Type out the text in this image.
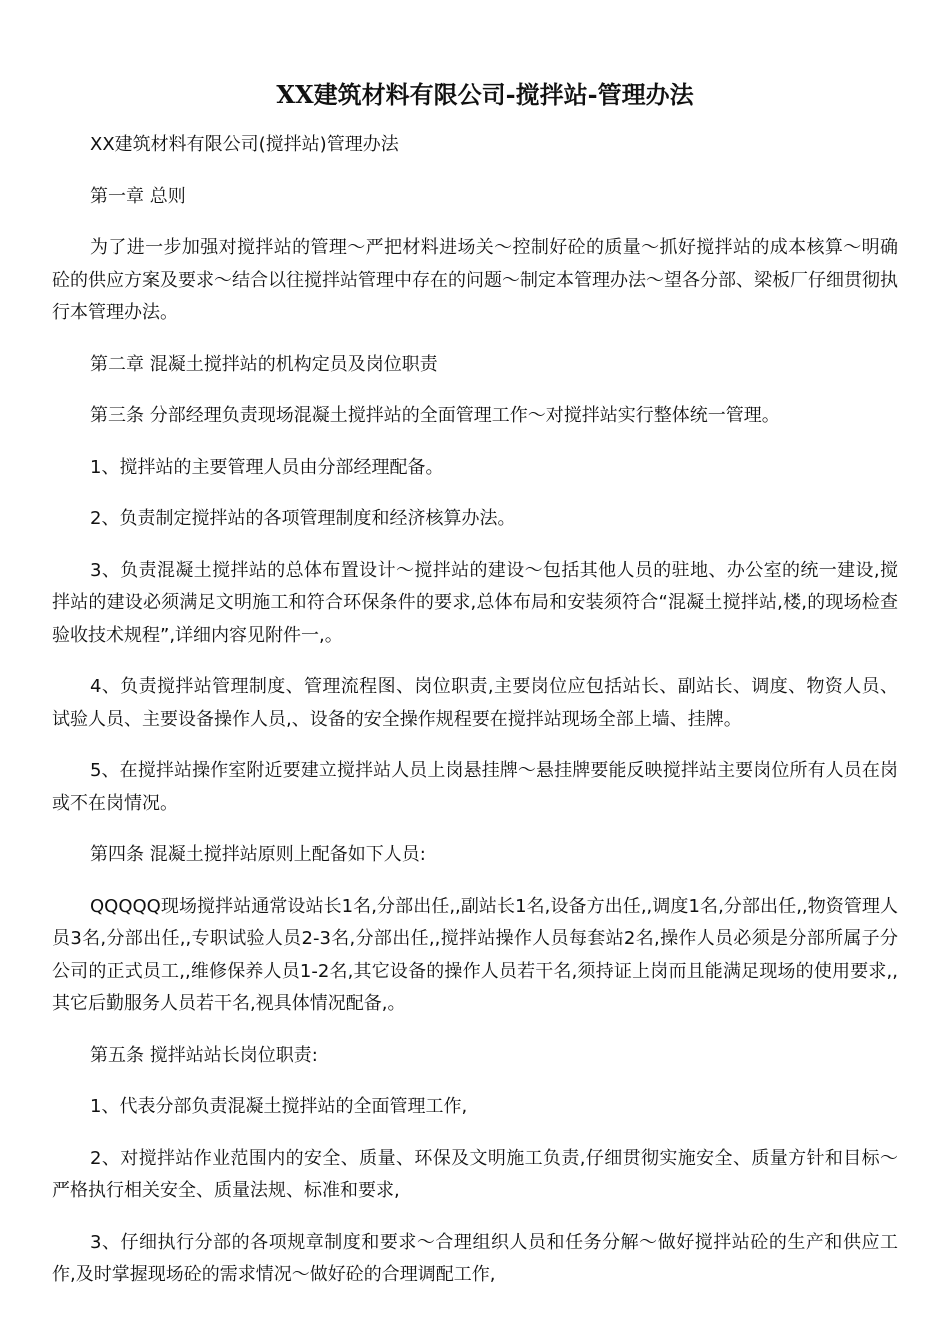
XX建筑材料有限公司-搅拌站-管理办法
XX建筑材料有限公司(搅拌站)管理办法
第一章 总则
为了进一步加强对搅拌站的管理～严把材料进场关～控制好砼的质量～抓好搅拌站的成本核算～明确砼的供应方案及要求～结合以往搅拌站管理中存在的问题～制定本管理办法～望各分部、梁板厂仔细贯彻执行本管理办法。
第二章 混凝土搅拌站的机构定员及岗位职责
第三条 分部经理负责现场混凝土搅拌站的全面管理工作～对搅拌站实行整体统一管理。
1、搅拌站的主要管理人员由分部经理配备。
2、负责制定搅拌站的各项管理制度和经济核算办法。
3、负责混凝土搅拌站的总体布置设计～搅拌站的建设～包括其他人员的驻地、办公室的统一建设,搅拌站的建设必须满足文明施工和符合环保条件的要求,总体布局和安装须符合“混凝土搅拌站,楼,的现场检查验收技术规程”,详细内容见附件一,。
4、负责搅拌站管理制度、管理流程图、岗位职责,主要岗位应包括站长、副站长、调度、物资人员、试验人员、主要设备操作人员,、设备的安全操作规程要在搅拌站现场全部上墙、挂牌。
5、在搅拌站操作室附近要建立搅拌站人员上岗悬挂牌～悬挂牌要能反映搅拌站主要岗位所有人员在岗或不在岗情况。
第四条 混凝土搅拌站原则上配备如下人员:
QQQQQ现场搅拌站通常设站长1名,分部出任,,副站长1名,设备方出任,,调度1名,分部出任,,物资管理人员3名,分部出任,,专职试验人员2-3名,分部出任,,搅拌站操作人员每套站2名,操作人员必须是分部所属子分公司的正式员工,,维修保养人员1-2名,其它设备的操作人员若干名,须持证上岗而且能满足现场的使用要求,,其它后勤服务人员若干名,视具体情况配备,。
第五条 搅拌站站长岗位职责:
1、代表分部负责混凝土搅拌站的全面管理工作,
2、对搅拌站作业范围内的安全、质量、环保及文明施工负责,仔细贯彻实施安全、质量方针和目标～严格执行相关安全、质量法规、标准和要求,
3、仔细执行分部的各项规章制度和要求～合理组织人员和任务分解～做好搅拌站砼的生产和供应工作,及时掌握现场砼的需求情况～做好砼的合理调配工作,
